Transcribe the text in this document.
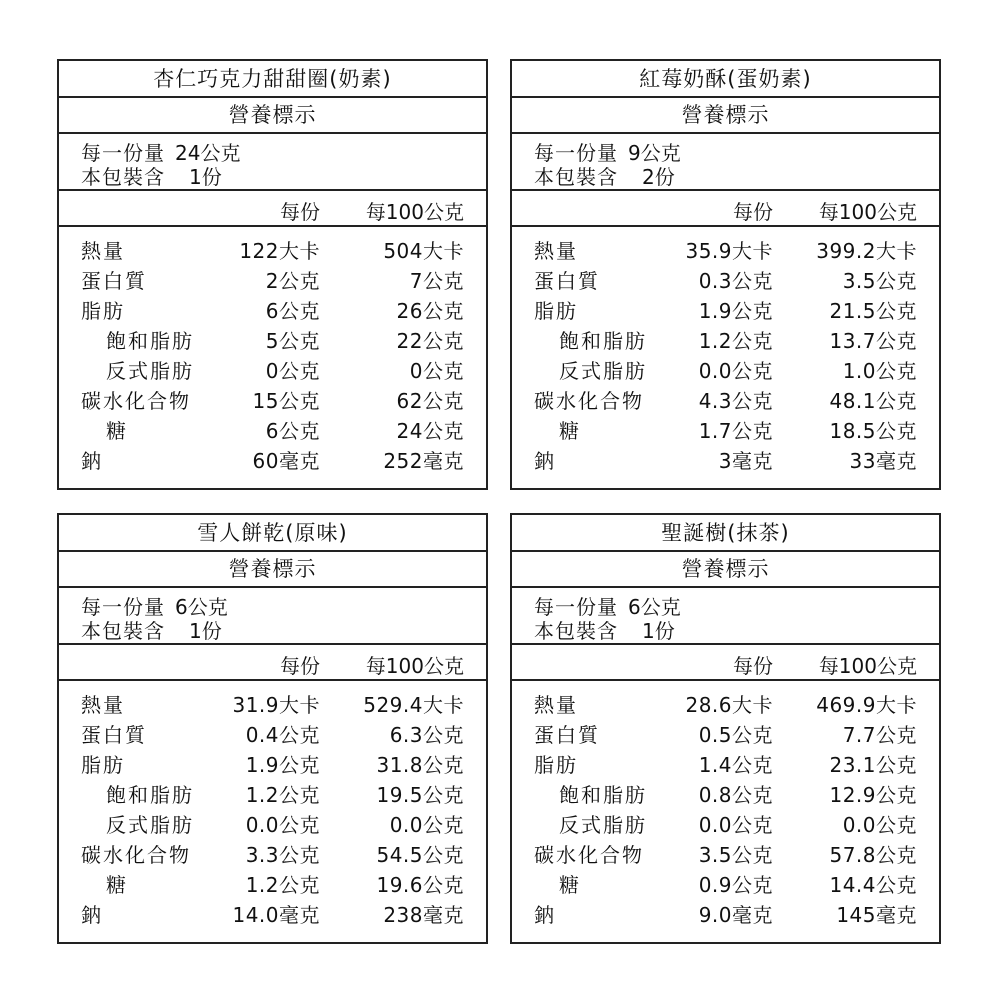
杏仁巧克力甜甜圈(奶素)
營養標示
每一份量 24公克
本包裝含	1份
每份 每100公克
熱量	122大卡	504大卡
蛋白質	2公克	7公克
脂肪	6公克	26公克
飽和脂肪	5公克	22公克
反式脂肪	0公克	0公克
碳水化合物	15公克	62公克
糖	6公克	24公克
鈉	60毫克	252毫克
紅莓奶酥(蛋奶素)
營養標示
每一份量 9公克
本包裝含	2份
每份 每100公克
熱量	35.9大卡 399.2大卡
蛋白質	0.3公克	3.5公克
脂肪	1.9公克	21.5公克
飽和脂肪	1.2公克	13.7公克
反式脂肪	0.0公克	1.0公克
碳水化合物	4.3公克	48.1公克
糖	1.7公克	18.5公克
鈉	3毫克	33毫克
雪人餅乾(原味)
營養標示
每一份量 6公克
本包裝含	1份
每份 每100公克
熱量	31.9大卡 529.4大卡
蛋白質	0.4公克	6.3公克
脂肪	1.9公克	31.8公克
飽和脂肪	1.2公克	19.5公克
反式脂肪	0.0公克	0.0公克
碳水化合物	3.3公克	54.5公克
糖	1.2公克	19.6公克
鈉	14.0毫克	238毫克
聖誕樹(抹茶)
營養標示
每一份量 6公克
本包裝含	1份
每份 每100公克
熱量	28.6大卡 469.9大卡
蛋白質	0.5公克	7.7公克
脂肪	1.4公克	23.1公克
飽和脂肪	0.8公克	12.9公克
反式脂肪	0.0公克	0.0公克
碳水化合物	3.5公克	57.8公克
糖	0.9公克	14.4公克
鈉	9.0毫克	145毫克
